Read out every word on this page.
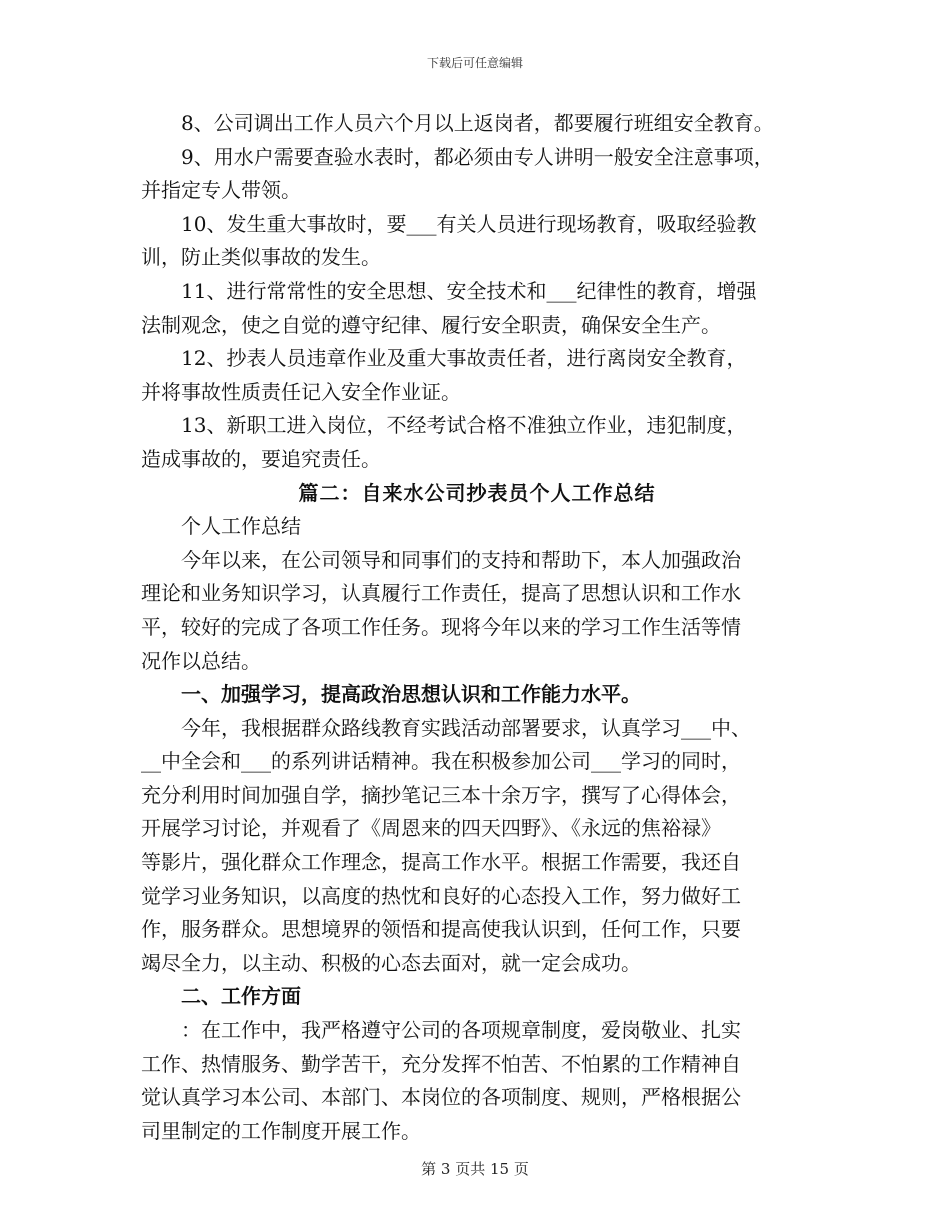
下载后可任意编辑
8、公司调出工作人员六个月以上返岗者，都要履行班组安全教育。
9、用水户需要查验水表时，都必须由专人讲明一般安全注意事项，
并指定专人带领。
10、发生重大事故时，要___有关人员进行现场教育，吸取经验教
训，防止类似事故的发生。
11、进行常常性的安全思想、安全技术和___纪律性的教育，增强
法制观念，使之自觉的遵守纪律、履行安全职责，确保安全生产。
12、抄表人员违章作业及重大事故责任者，进行离岗安全教育，
并将事故性质责任记入安全作业证。
13、新职工进入岗位，不经考试合格不准独立作业，违犯制度，
造成事故的，要追究责任。
篇二：自来水公司抄表员个人工作总结
个人工作总结
今年以来，在公司领导和同事们的支持和帮助下，本人加强政治
理论和业务知识学习，认真履行工作责任，提高了思想认识和工作水
平，较好的完成了各项工作任务。现将今年以来的学习工作生活等情
况作以总结。
一、加强学习，提高政治思想认识和工作能力水平。
今年，我根据群众路线教育实践活动部署要求，认真学习___中、
__中全会和___的系列讲话精神。我在积极参加公司___学习的同时，
充分利用时间加强自学，摘抄笔记三本十余万字，撰写了心得体会，
开展学习讨论，并观看了《周恩来的四天四野》、《永远的焦裕禄》
等影片，强化群众工作理念，提高工作水平。根据工作需要，我还自
觉学习业务知识，以高度的热忱和良好的心态投入工作，努力做好工
作，服务群众。思想境界的领悟和提高使我认识到，任何工作，只要
竭尽全力，以主动、积极的心态去面对，就一定会成功。
二、工作方面
：在工作中，我严格遵守公司的各项规章制度，爱岗敬业、扎实
工作、热情服务、勤学苦干，充分发挥不怕苦、不怕累的工作精神自
觉认真学习本公司、本部门、本岗位的各项制度、规则，严格根据公
司里制定的工作制度开展工作。
第 3 页共 15 页
